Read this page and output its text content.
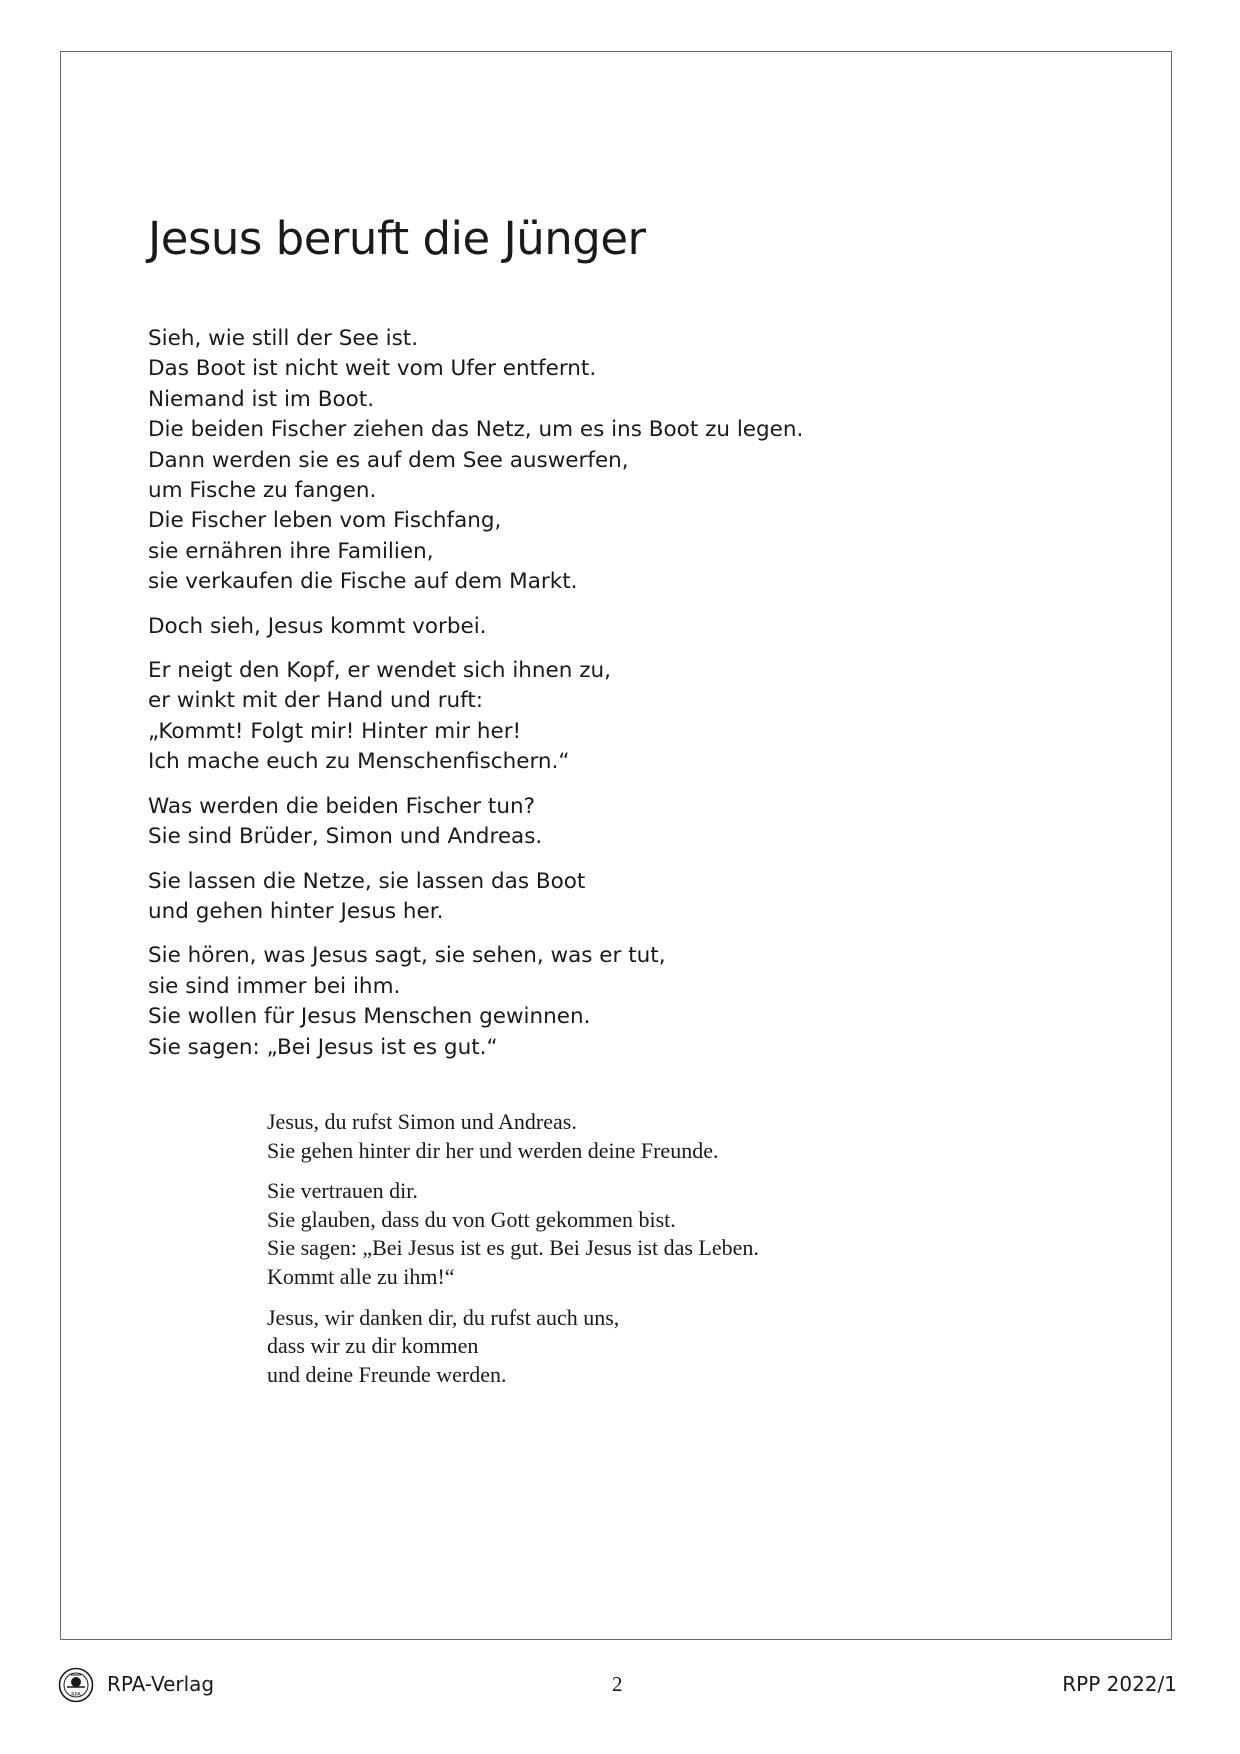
Jesus beruft die Jünger
Sieh, wie still der See ist.
Das Boot ist nicht weit vom Ufer entfernt.
Niemand ist im Boot.
Die beiden Fischer ziehen das Netz, um es ins Boot zu legen.
Dann werden sie es auf dem See auswerfen,
um Fische zu fangen.
Die Fischer leben vom Fischfang,
sie ernähren ihre Familien,
sie verkaufen die Fische auf dem Markt.
Doch sieh, Jesus kommt vorbei.
Er neigt den Kopf, er wendet sich ihnen zu,
er winkt mit der Hand und ruft:
„Kommt! Folgt mir! Hinter mir her!
Ich mache euch zu Menschenfischern.“
Was werden die beiden Fischer tun?
Sie sind Brüder, Simon und Andreas.
Sie lassen die Netze, sie lassen das Boot
und gehen hinter Jesus her.
Sie hören, was Jesus sagt, sie sehen, was er tut,
sie sind immer bei ihm.
Sie wollen für Jesus Menschen gewinnen.
Sie sagen: „Bei Jesus ist es gut.“
Jesus, du rufst Simon und Andreas.
Sie gehen hinter dir her und werden deine Freunde.
Sie vertrauen dir.
Sie glauben, dass du von Gott gekommen bist.
Sie sagen: „Bei Jesus ist es gut. Bei Jesus ist das Leben.
Kommt alle zu ihm!“
Jesus, wir danken dir, du rufst auch uns,
dass wir zu dir kommen
und deine Freunde werden.
RPA RPA-Verlag	2	RPP 2022/1
